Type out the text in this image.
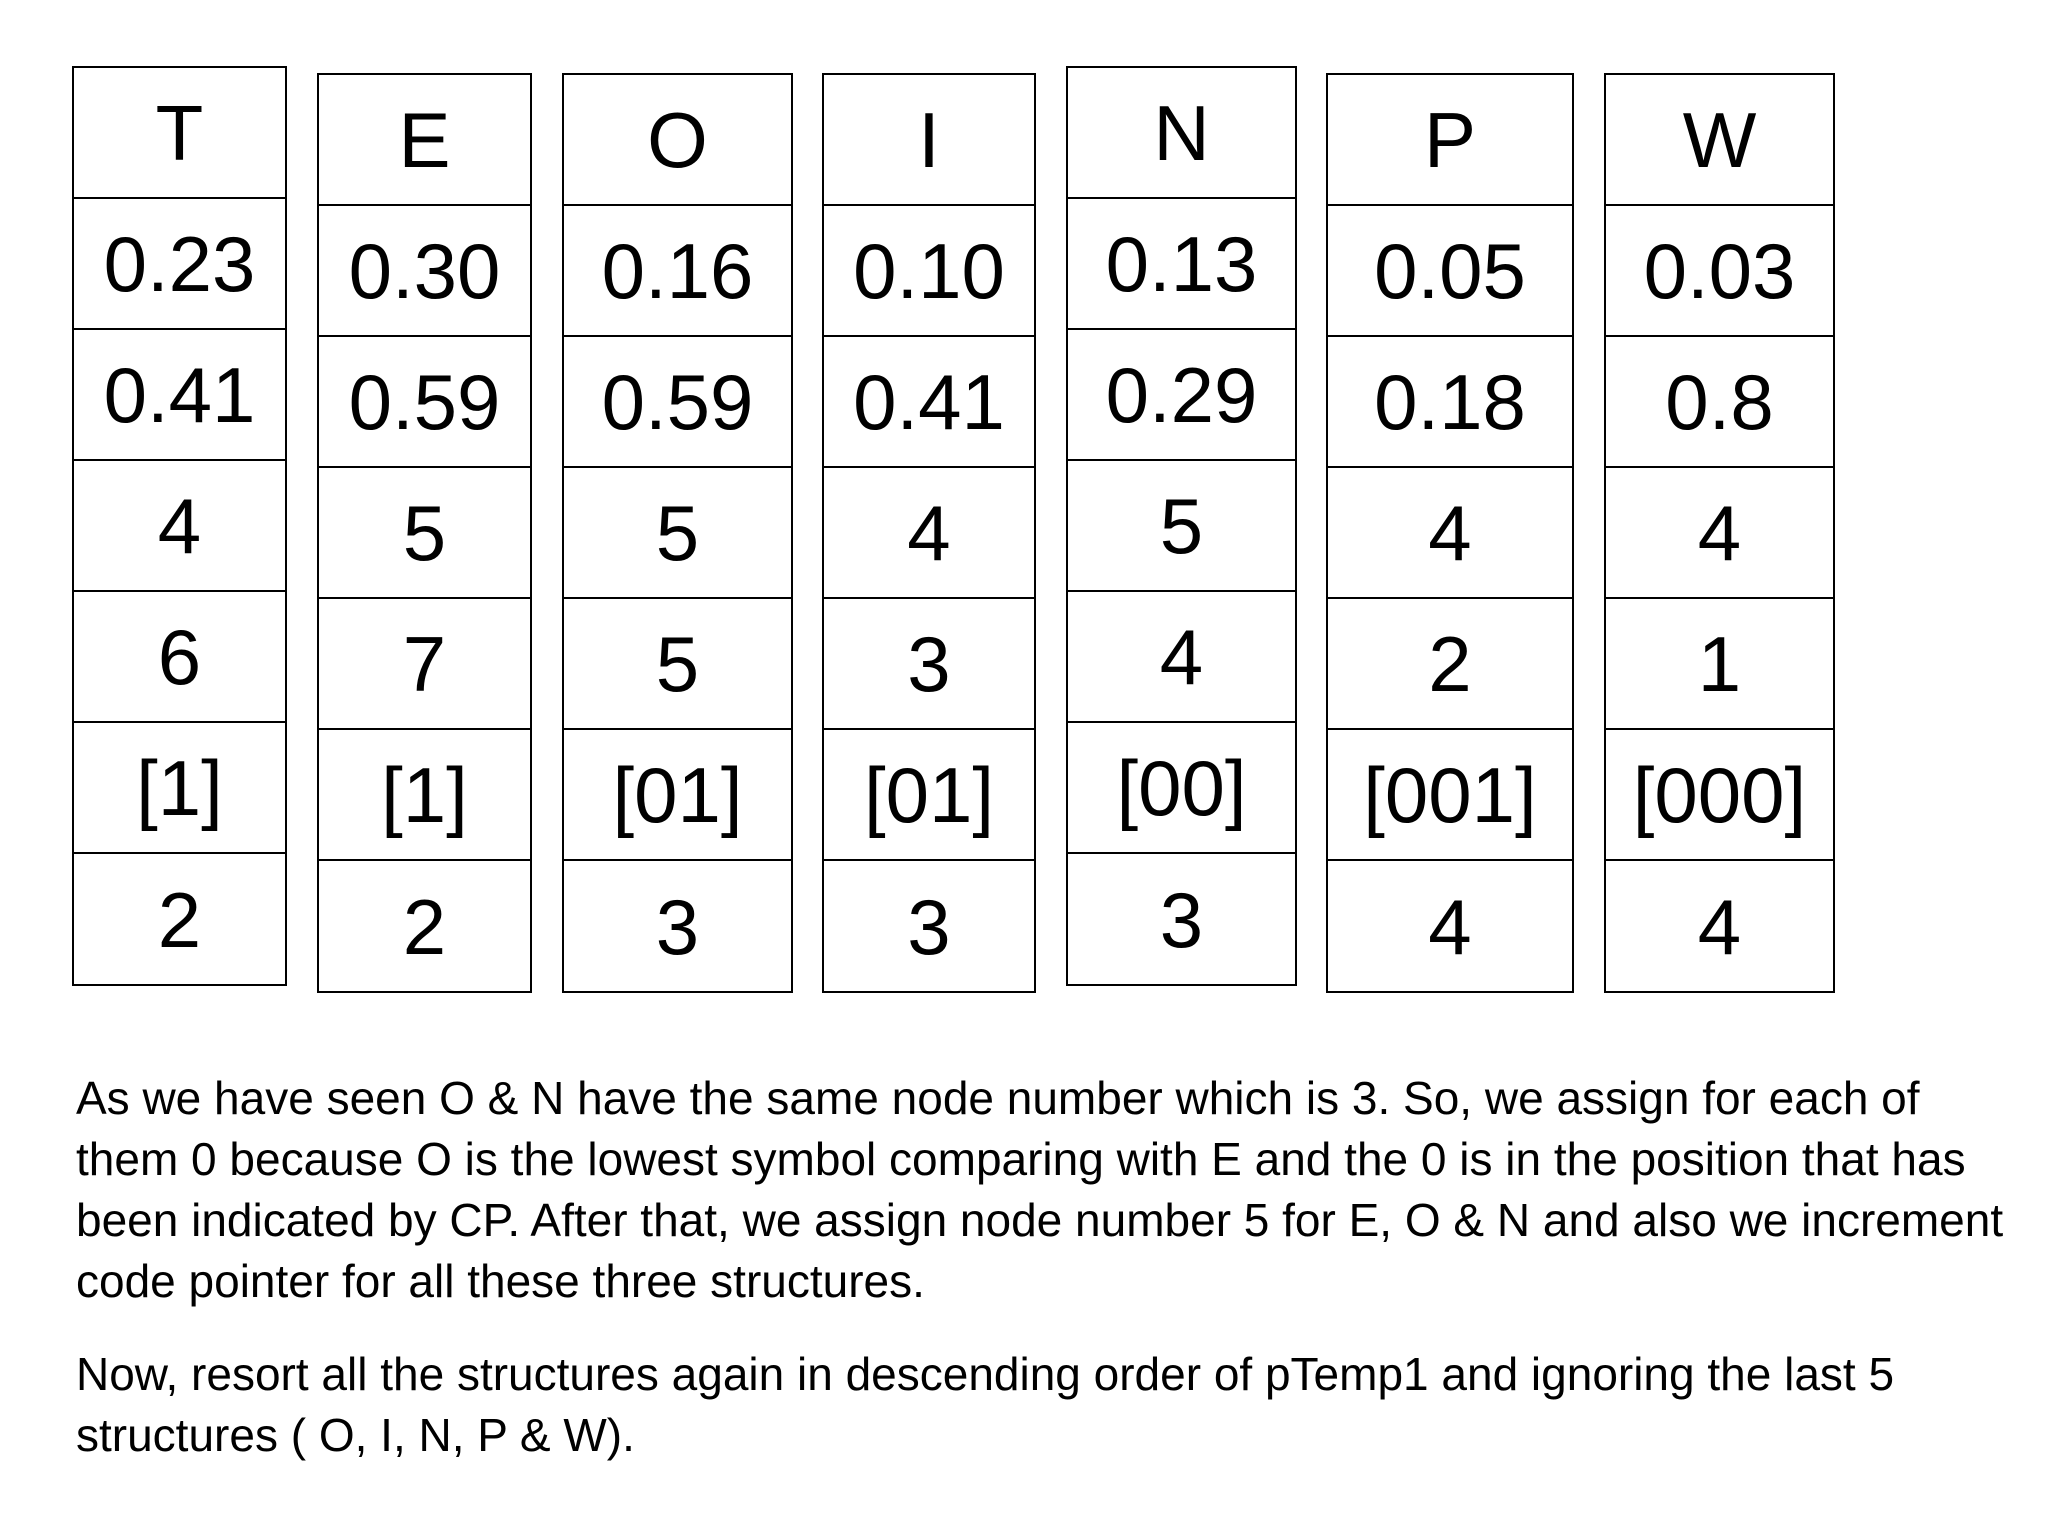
T
0.23
0.41
4
6
[1]
2
E
0.30
0.59
5
7
[1]
2
O
0.16
0.59
5
5
[01]
3
I
0.10
0.41
4
3
[01]
3
N
0.13
0.29
5
4
[00]
3
P
0.05
0.18
4
2
[001]
4
W
0.03
0.8
4
1
[000]
4

As we have seen O & N have the same node number which is 3. So, we assign for each of them 0 because O is the lowest symbol comparing with E and the 0 is in the position that has been indicated by CP. After that, we assign node number 5 for E, O & N and also we increment code pointer for all these three structures.

Now, resort all the structures again in descending order of pTemp1 and ignoring the last 5 structures ( O, I, N, P & W).
